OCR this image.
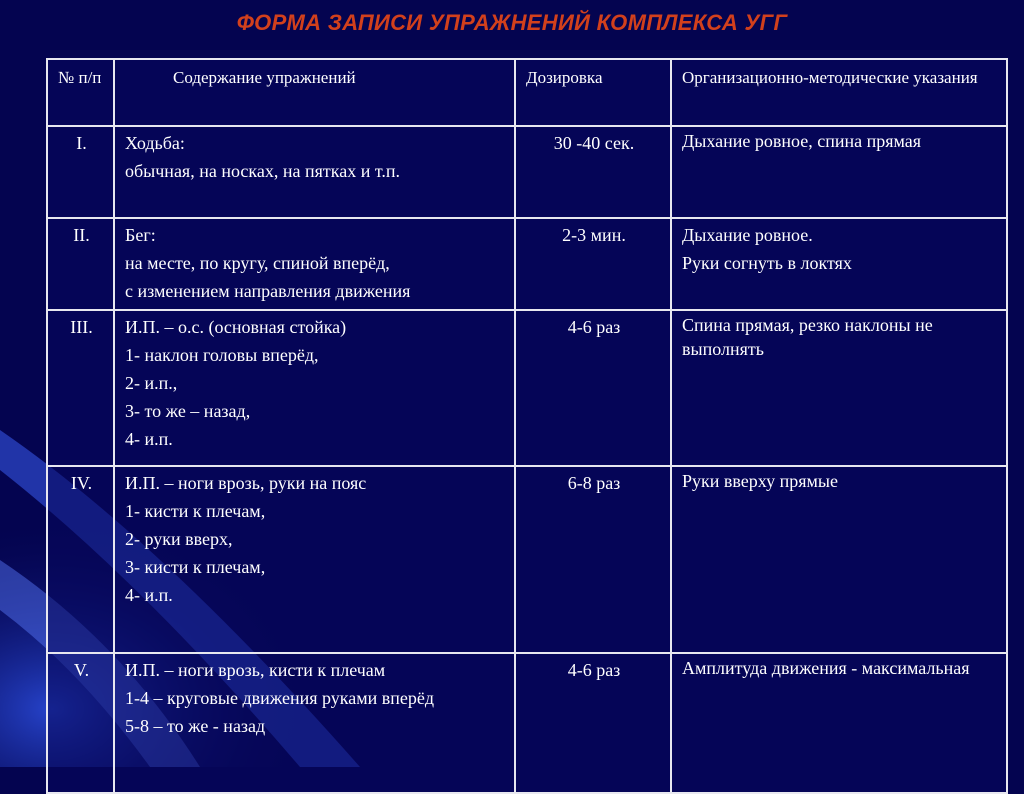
ФОРМА ЗАПИСИ УПРАЖНЕНИЙ КОМПЛЕКСА УГГ
№ п/п	Содержание упражнений	Дозировка	Организационно-методические указания
I.	Ходьба:
обычная, на носках, на пятках и т.п.	30 -40 сек.	Дыхание ровное, спина прямая

II.	Бег:
на месте, по кругу, спиной вперёд,
с изменением направления движения	2-3 мин.	Дыхание ровное.
Руки согнуть в локтях

III.	И.П. – о.с. (основная стойка)
1- наклон головы вперёд,
2- и.п.,
3- то же – назад,
4- и.п.	4-6 раз	Спина прямая, резко наклоны не выполнять

IV.	И.П. – ноги врозь, руки на пояс
1- кисти к плечам,
2- руки вверх,
3- кисти к плечам,
4- и.п.	6-8 раз	Руки вверху прямые

V.	И.П. – ноги врозь, кисти к плечам
1-4 – круговые движения руками вперёд
5-8 – то же - назад	4-6 раз	Амплитуда движения - максимальная
